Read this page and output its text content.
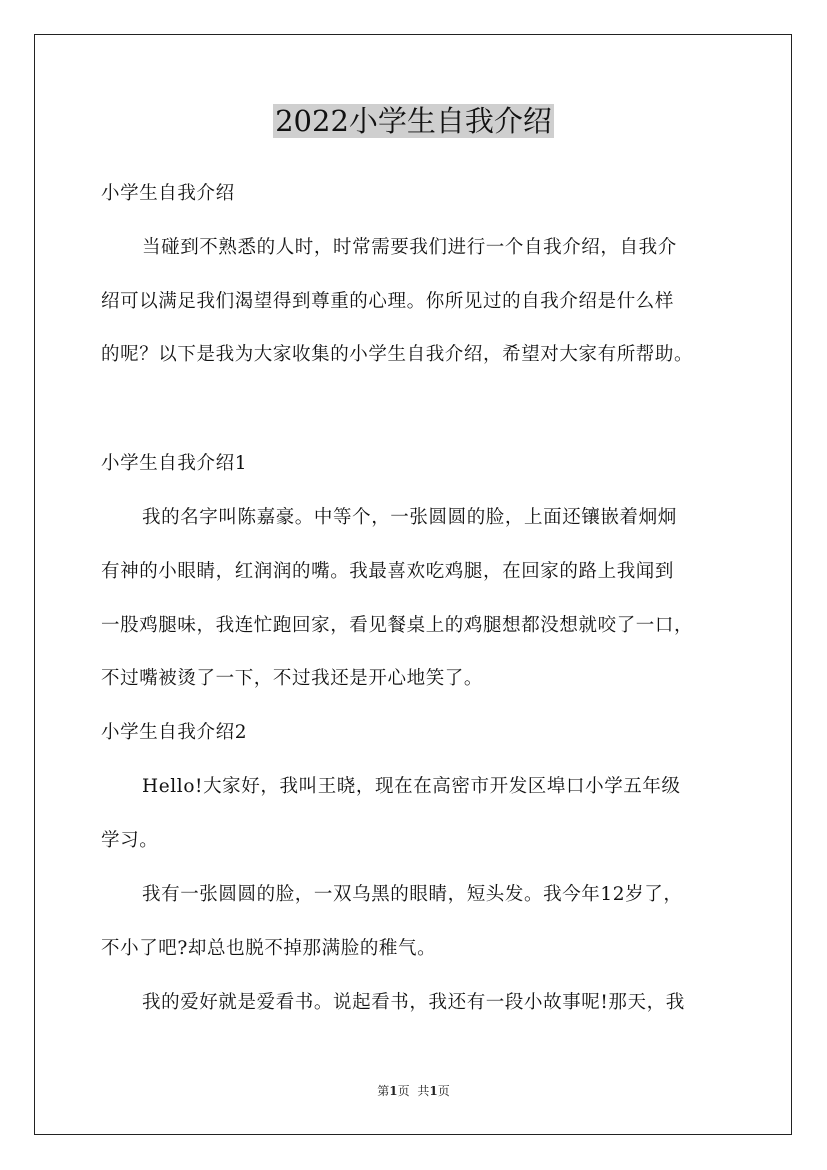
2022小学生自我介绍
小学生自我介绍
当碰到不熟悉的人时，时常需要我们进行一个自我介绍，自我介
绍可以满足我们渴望得到尊重的心理。你所见过的自我介绍是什么样
的呢？以下是我为大家收集的小学生自我介绍，希望对大家有所帮助。
小学生自我介绍1
我的名字叫陈嘉豪。中等个，一张圆圆的脸，上面还镶嵌着炯炯
有神的小眼睛，红润润的嘴。我最喜欢吃鸡腿，在回家的路上我闻到
一股鸡腿味，我连忙跑回家，看见餐桌上的鸡腿想都没想就咬了一口，
不过嘴被烫了一下，不过我还是开心地笑了。
小学生自我介绍2
Hello!大家好，我叫王晓，现在在高密市开发区埠口小学五年级
学习。
我有一张圆圆的脸，一双乌黑的眼睛，短头发。我今年12岁了，
不小了吧?却总也脱不掉那满脸的稚气。
我的爱好就是爱看书。说起看书，我还有一段小故事呢!那天，我
第1页 共1页
